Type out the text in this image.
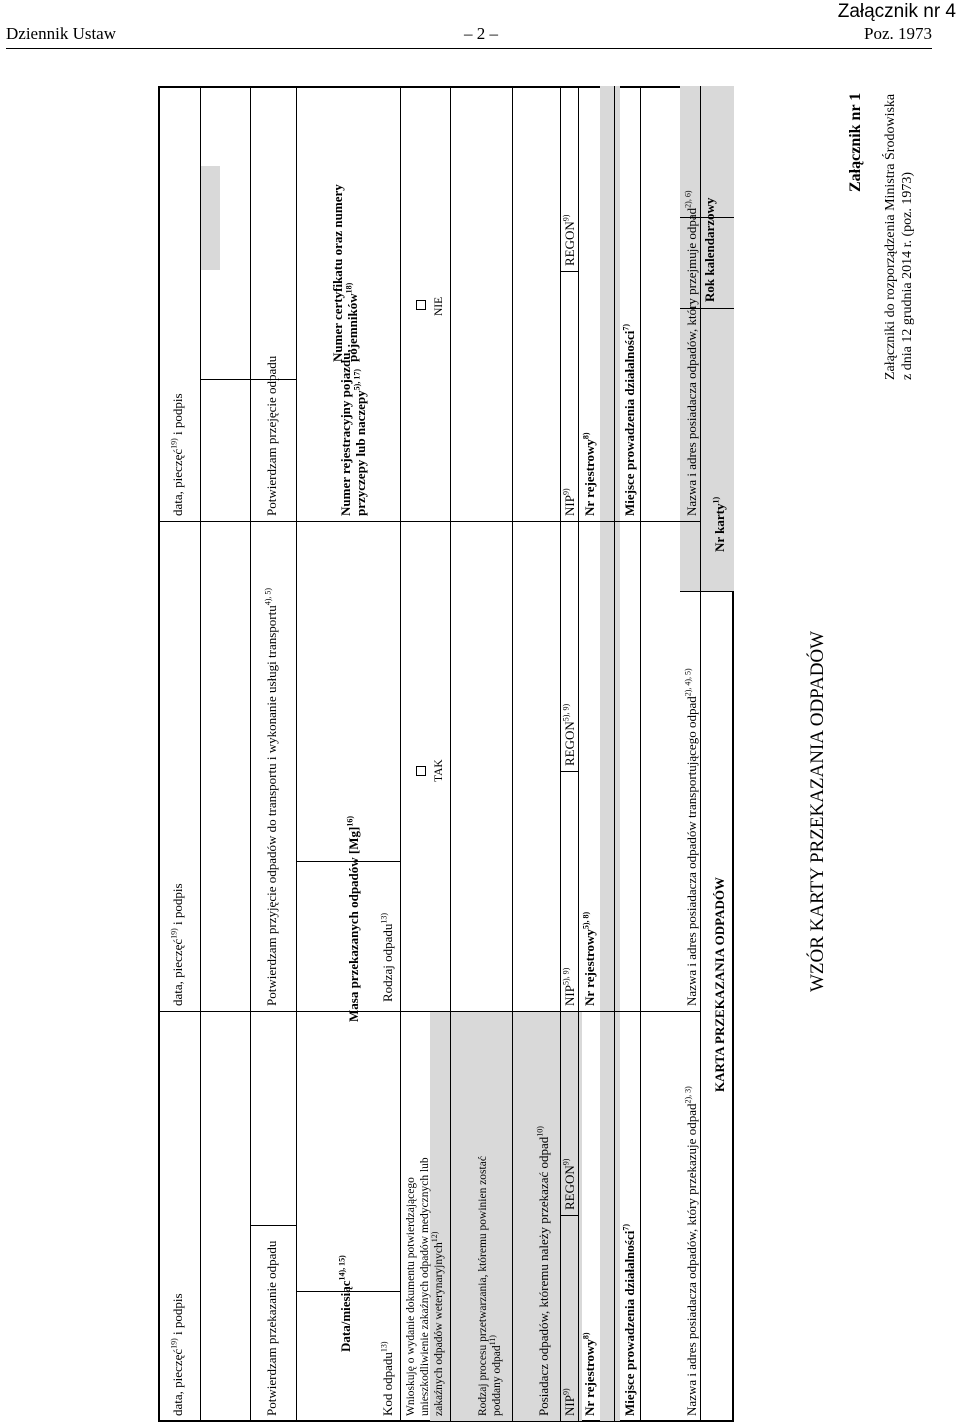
Załącznik nr 4
Dziennik Ustaw	– 2 –	Poz. 1973
Załączniki do rozporządzenia Ministra Środowiska z dnia 12 grudnia 2014 r. (poz. 1973)
Załącznik nr 1
WZÓR KARTY PRZEKAZANIA ODPADÓW
KARTA PRZEKAZANIA ODPADÓW
Nr karty$^{1)}$
Rok kalendarzowy
Nazwa i adres posiadacza odpadów, który przekazuje odpad$^{2), 3)}$
Nazwa i adres posiadacza odpadów transportującego odpad$^{2), 4), 5)}$
Nazwa i adres posiadacza odpadów, który przejmuje odpad$^{2), 6)}$
Miejsce prowadzenia działalności$^{7)}$
Miejsce prowadzenia działalności$^{7)}$
Nr rejestrowy$^{8)}$
Nr rejestrowy$^{5), 8)}$
Nr rejestrowy$^{8)}$
NIP$^{9)}$
REGON$^{9)}$
$NIP^{5), 9)}$
$REGON^{5), 9)}$
NIP$^{9)}$
REGON$^{9)}$
Posiadacz odpadów, któremu należy przekazać odpad$^{10)}$
Rodzaj procesu przetwarzania, któremu powinien zostać poddany odpad$^{11)}$
Wnioskuję o wydanie dokumentu potwierdzającego unieszkodliwienie zakaźnych odpadów medycznych lub zakaźnych odpadów weterynaryjnych$^{12)}$
TAK
NIE
Kod odpadu$^{13)}$
Rodzaj odpadu$^{13)}$
Data/miesiąc$^{14), 15)}$
Masa przekazanych odpadów $[Mg]^{16)}$
Numer rejestracyjny pojazdu, przyczepy lub naczepy$^{5), 17)}$
Numer certyfikatu oraz numery pojemników$^{18)}$
Potwierdzam przekazanie odpadu
Potwierdzam przyjęcie odpadów do transportu i wykonanie usługi transportu$^{4), 5)}$
Potwierdzam przejęcie odpadu
data, pieczęć$^{19)}$ i podpis
data, pieczęć$^{19)}$ i podpis
data, pieczęć$^{19)}$ i podpis
